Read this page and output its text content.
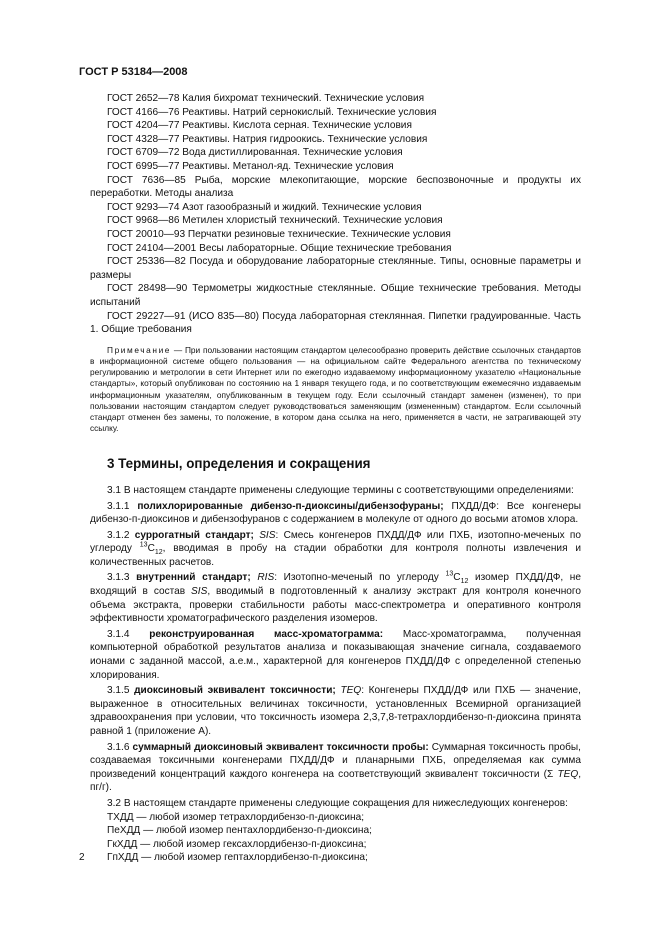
ГОСТ Р 53184—2008
ГОСТ 2652—78 Калия бихромат технический. Технические условия
ГОСТ 4166—76 Реактивы. Натрий сернокислый. Технические условия
ГОСТ 4204—77 Реактивы. Кислота серная. Технические условия
ГОСТ 4328—77 Реактивы. Натрия гидроокись. Технические условия
ГОСТ 6709—72 Вода дистиллированная. Технические условия
ГОСТ 6995—77 Реактивы. Метанол-яд. Технические условия

ГОСТ 7636—85 Рыба, морские млекопитающие, морские беспозвоночные и продукты их переработки. Методы анализа

ГОСТ 9293—74 Азот газообразный и жидкий. Технические условия
ГОСТ 9968—86 Метилен хлористый технический. Технические условия
ГОСТ 20010—93 Перчатки резиновые технические. Технические условия
ГОСТ 24104—2001 Весы лабораторные. Общие технические требования

ГОСТ 25336—82 Посуда и оборудование лабораторные стеклянные. Типы, основные параметры и размеры

ГОСТ 28498—90 Термометры жидкостные стеклянные. Общие технические требования. Методы испытаний

ГОСТ 29227—91 (ИСО 835—80) Посуда лабораторная стеклянная. Пипетки градуированные. Часть 1. Общие требования

Примечание — При пользовании настоящим стандартом целесообразно проверить действие ссылочных стандартов в информационной системе общего пользования — на официальном сайте Федерального агентства по техническому регулированию и метрологии в сети Интернет или по ежегодно издаваемому информационному указателю «Национальные стандарты», который опубликован по состоянию на 1 января текущего года, и по соответствующим ежемесячно издаваемым информационным указателям, опубликованным в текущем году. Если ссылочный стандарт заменен (изменен), то при пользовании настоящим стандартом следует руководствоваться заменяющим (измененным) стандартом. Если ссылочный стандарт отменен без замены, то положение, в котором дана ссылка на него, применяется в части, не затрагивающей эту ссылку.
3 Термины, определения и сокращения

3.1 В настоящем стандарте применены следующие термины с соответствующими определениями:

3.1.1 полихлорированные дибензо-п-диоксины/дибензофураны; ПХДД/ДФ: Все конгенеры дибензо-п-диоксинов и дибензофуранов с содержанием в молекуле от одного до восьми атомов хлора.

3.1.2 суррогатный стандарт; SIS: Смесь конгенеров ПХДД/ДФ или ПХБ, изотопно-меченых по углероду $^{13}C_{12}$, вводимая в пробу на стадии обработки для контроля полноты извлечения и количественных расчетов.

3.1.3 внутренний стандарт; RIS: Изотопно-меченый по углероду $^{13}C_{12}$ изомер ПХДД/ДФ, не входящий в состав SIS, вводимый в подготовленный к анализу экстракт для контроля конечного объема экстракта, проверки стабильности работы масс-спектрометра и оперативного контроля эффективности хроматографического разделения изомеров.

3.1.4 реконструированная масс-хроматограмма: Масс-хроматограмма, полученная компьютерной обработкой результатов анализа и показывающая значение сигнала, создаваемого ионами с заданной массой, а.е.м., характерной для конгенеров ПХДД/ДФ с определенной степенью хлорирования.

3.1.5 диоксиновый эквивалент токсичности; TEQ: Конгенеры ПХДД/ДФ или ПХБ — значение, выраженное в относительных величинах токсичности, установленных Всемирной организацией здравоохранения при условии, что токсичность изомера 2,3,7,8-тетрахлордибензо-п-диоксина принята равной 1 (приложение А).

3.1.6 суммарный диоксиновый эквивалент токсичности пробы: Суммарная токсичность пробы, создаваемая токсичными конгенерами ПХДД/ДФ и планарными ПХБ, определяемая как сумма произведений концентраций каждого конгенера на соответствующий эквивалент токсичности (Σ TEQ, пг/г).

3.2 В настоящем стандарте применены следующие сокращения для нижеследующих конгенеров:

ТХДД — любой изомер тетрахлордибензо-п-диоксина;
ПеХДД — любой изомер пентахлордибензо-п-диоксина;
ГкХДД — любой изомер гексахлордибензо-п-диоксина;
ГпХДД — любой изомер гептахлордибензо-п-диоксина;
2
